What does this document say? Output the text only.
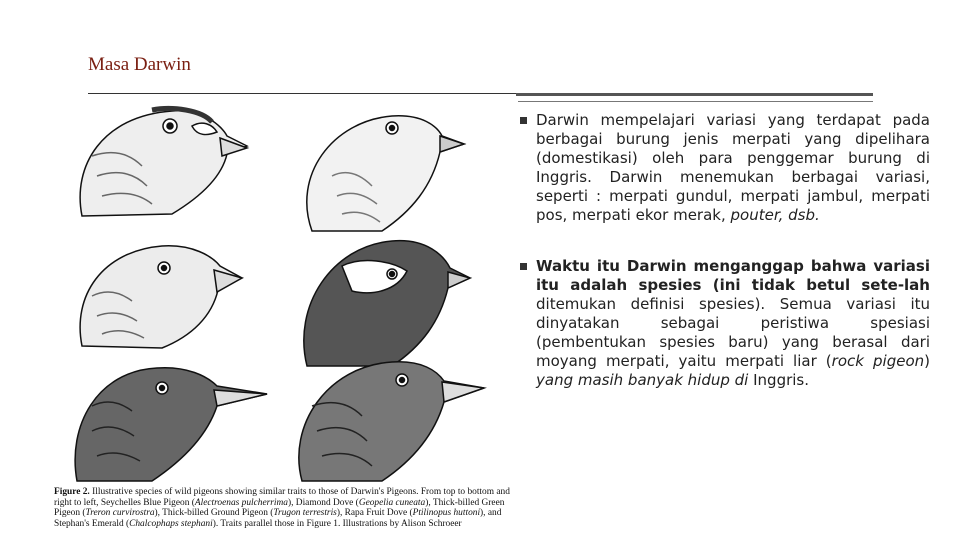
Masa Darwin

Figure 2. Illustrative species of wild pigeons showing similar traits to those of Darwin's Pigeons. From top to bottom and right to left, Seychelles Blue Pigeon (Alectroenas pulcherrima), Diamond Dove (Geopelia cuneata), Thick-billed Green Pigeon (Treron curvirostra), Thick-billed Ground Pigeon (Trugon terrestris), Rapa Fruit Dove (Ptilinopus huttoni), and Stephan's Emerald (Chalcophaps stephani). Traits parallel those in Figure 1. Illustrations by Alison Schroeer

Darwin mempelajari variasi yang terdapat pada berbagai burung jenis merpati yang dipelihara (domestikasi) oleh para penggemar burung di Inggris. Darwin menemukan berbagai variasi, seperti : merpati gundul, merpati jambul, merpati pos, merpati ekor merak, pouter, dsb.
Waktu itu Darwin menganggap bahwa variasi itu adalah spesies (ini tidak betul sete-lah ditemukan definisi spesies). Semua variasi itu dinyatakan sebagai peristiwa spesiasi (pembentukan spesies baru) yang berasal dari moyang merpati, yaitu merpati liar (rock pigeon) yang masih banyak hidup di Inggris.
